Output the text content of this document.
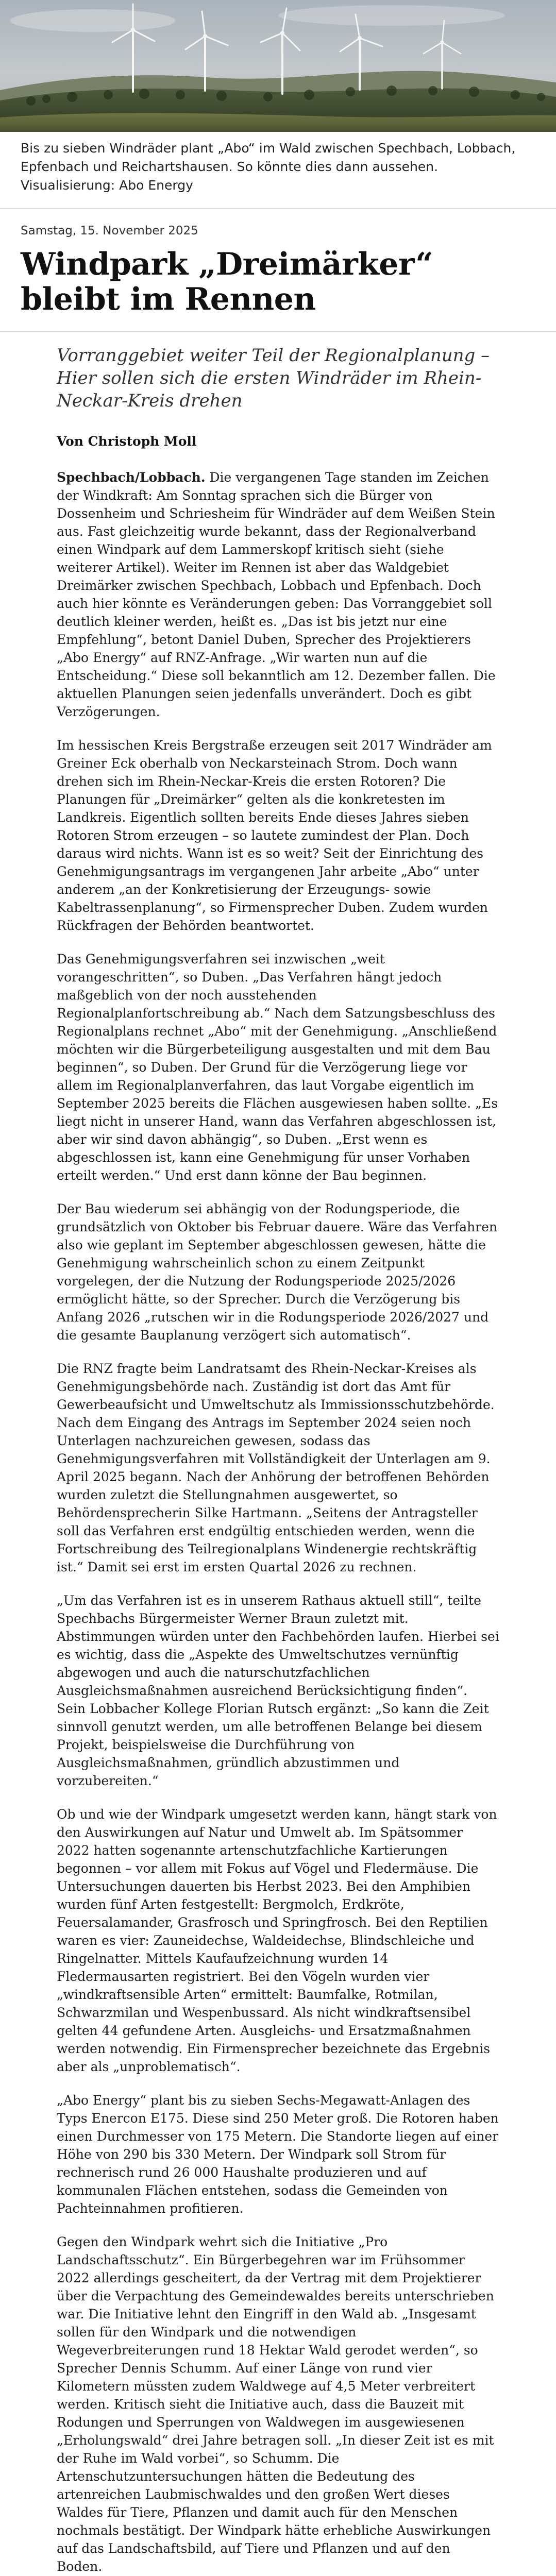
Bis zu sieben Windräder plant „Abo“ im Wald zwischen Spechbach, Lobbach, Epfenbach und Reichartshausen. So könnte dies dann aussehen. Visualisierung: Abo Energy
Samstag, 15. November 2025
Windpark „Dreimärker“ bleibt im Rennen

Vorranggebiet weiter Teil der Regionalplanung – Hier sollen sich die ersten Windräder im Rhein-Neckar-Kreis drehen

Von Christoph Moll

Spechbach/Lobbach. Die vergangenen Tage standen im Zeichen der Windkraft: Am Sonntag sprachen sich die Bürger von Dossenheim und Schriesheim für Windräder auf dem Weißen Stein aus. Fast gleichzeitig wurde bekannt, dass der Regionalverband einen Windpark auf dem Lammerskopf kritisch sieht (siehe weiterer Artikel). Weiter im Rennen ist aber das Waldgebiet Dreimärker zwischen Spechbach, Lobbach und Epfenbach. Doch auch hier könnte es Veränderungen geben: Das Vorranggebiet soll deutlich kleiner werden, heißt es. „Das ist bis jetzt nur eine Empfehlung“, betont Daniel Duben, Sprecher des Projektierers „Abo Energy“ auf RNZ-Anfrage. „Wir warten nun auf die Entscheidung.“ Diese soll bekanntlich am 12. Dezember fallen. Die aktuellen Planungen seien jedenfalls unverändert. Doch es gibt Verzögerungen.

Im hessischen Kreis Bergstraße erzeugen seit 2017 Windräder am Greiner Eck oberhalb von Neckarsteinach Strom. Doch wann drehen sich im Rhein-Neckar-Kreis die ersten Rotoren? Die Planungen für „Dreimärker“ gelten als die konkretesten im Landkreis. Eigentlich sollten bereits Ende dieses Jahres sieben Rotoren Strom erzeugen – so lautete zumindest der Plan. Doch daraus wird nichts. Wann ist es so weit? Seit der Einrichtung des Genehmigungsantrags im vergangenen Jahr arbeite „Abo“ unter anderem „an der Konkretisierung der Erzeugungs- sowie Kabeltrassenplanung“, so Firmensprecher Duben. Zudem wurden Rückfragen der Behörden beantwortet.

Das Genehmigungsverfahren sei inzwischen „weit vorangeschritten“, so Duben. „Das Verfahren hängt jedoch maßgeblich von der noch ausstehenden Regionalplanfortschreibung ab.“ Nach dem Satzungsbeschluss des Regionalplans rechnet „Abo“ mit der Genehmigung. „Anschließend möchten wir die Bürgerbeteiligung ausgestalten und mit dem Bau beginnen“, so Duben. Der Grund für die Verzögerung liege vor allem im Regionalplanverfahren, das laut Vorgabe eigentlich im September 2025 bereits die Flächen ausgewiesen haben sollte. „Es liegt nicht in unserer Hand, wann das Verfahren abgeschlossen ist, aber wir sind davon abhängig“, so Duben. „Erst wenn es abgeschlossen ist, kann eine Genehmigung für unser Vorhaben erteilt werden.“ Und erst dann könne der Bau beginnen.

Der Bau wiederum sei abhängig von der Rodungsperiode, die grundsätzlich von Oktober bis Februar dauere. Wäre das Verfahren also wie geplant im September abgeschlossen gewesen, hätte die Genehmigung wahrscheinlich schon zu einem Zeitpunkt vorgelegen, der die Nutzung der Rodungsperiode 2025/2026 ermöglicht hätte, so der Sprecher. Durch die Verzögerung bis Anfang 2026 „rutschen wir in die Rodungsperiode 2026/2027 und die gesamte Bauplanung verzögert sich automatisch“.

Die RNZ fragte beim Landratsamt des Rhein-Neckar-Kreises als Genehmigungsbehörde nach. Zuständig ist dort das Amt für Gewerbeaufsicht und Umweltschutz als Immissionsschutzbehörde. Nach dem Eingang des Antrags im September 2024 seien noch Unterlagen nachzureichen gewesen, sodass das Genehmigungsverfahren mit Vollständigkeit der Unterlagen am 9. April 2025 begann. Nach der Anhörung der betroffenen Behörden wurden zuletzt die Stellungnahmen ausgewertet, so Behördensprecherin Silke Hartmann. „Seitens der Antragsteller soll das Verfahren erst endgültig entschieden werden, wenn die Fortschreibung des Teilregionalplans Windenergie rechtskräftig ist.“ Damit sei erst im ersten Quartal 2026 zu rechnen.

„Um das Verfahren ist es in unserem Rathaus aktuell still“, teilte Spechbachs Bürgermeister Werner Braun zuletzt mit. Abstimmungen würden unter den Fachbehörden laufen. Hierbei sei es wichtig, dass die „Aspekte des Umweltschutzes vernünftig abgewogen und auch die naturschutzfachlichen Ausgleichsmaßnahmen ausreichend Berücksichtigung finden“. Sein Lobbacher Kollege Florian Rutsch ergänzt: „So kann die Zeit sinnvoll genutzt werden, um alle betroffenen Belange bei diesem Projekt, beispielsweise die Durchführung von Ausgleichsmaßnahmen, gründlich abzustimmen und vorzubereiten.“

Ob und wie der Windpark umgesetzt werden kann, hängt stark von den Auswirkungen auf Natur und Umwelt ab. Im Spätsommer 2022 hatten sogenannte artenschutzfachliche Kartierungen begonnen – vor allem mit Fokus auf Vögel und Fledermäuse. Die Untersuchungen dauerten bis Herbst 2023. Bei den Amphibien wurden fünf Arten festgestellt: Bergmolch, Erdkröte, Feuersalamander, Grasfrosch und Springfrosch. Bei den Reptilien waren es vier: Zauneidechse, Waldeidechse, Blindschleiche und Ringelnatter. Mittels Kaufaufzeichnung wurden 14 Fledermausarten registriert. Bei den Vögeln wurden vier „windkraftsensible Arten“ ermittelt: Baumfalke, Rotmilan, Schwarzmilan und Wespenbussard. Als nicht windkraftsensibel gelten 44 gefundene Arten. Ausgleichs- und Ersatzmaßnahmen werden notwendig. Ein Firmensprecher bezeichnete das Ergebnis aber als „unproblematisch“.

„Abo Energy“ plant bis zu sieben Sechs-Megawatt-Anlagen des Typs Enercon E175. Diese sind 250 Meter groß. Die Rotoren haben einen Durchmesser von 175 Metern. Die Standorte liegen auf einer Höhe von 290 bis 330 Metern. Der Windpark soll Strom für rechnerisch rund 26 000 Haushalte produzieren und auf kommunalen Flächen entstehen, sodass die Gemeinden von Pachteinnahmen profitieren.

Gegen den Windpark wehrt sich die Initiative „Pro Landschaftsschutz“. Ein Bürgerbegehren war im Frühsommer 2022 allerdings gescheitert, da der Vertrag mit dem Projektierer über die Verpachtung des Gemeindewaldes bereits unterschrieben war. Die Initiative lehnt den Eingriff in den Wald ab. „Insgesamt sollen für den Windpark und die notwendigen Wegeverbreiterungen rund 18 Hektar Wald gerodet werden“, so Sprecher Dennis Schumm. Auf einer Länge von rund vier Kilometern müssten zudem Waldwege auf 4,5 Meter verbreitert werden. Kritisch sieht die Initiative auch, dass die Bauzeit mit Rodungen und Sperrungen von Waldwegen im ausgewiesenen „Erholungswald“ drei Jahre betragen soll. „In dieser Zeit ist es mit der Ruhe im Wald vorbei“, so Schumm. Die Artenschutzuntersuchungen hätten die Bedeutung des artenreichen Laubmischwaldes und den großen Wert dieses Waldes für Tiere, Pflanzen und damit auch für den Menschen nochmals bestätigt. Der Windpark hätte erhebliche Auswirkungen auf das Landschaftsbild, auf Tiere und Pflanzen und auf den Boden.
